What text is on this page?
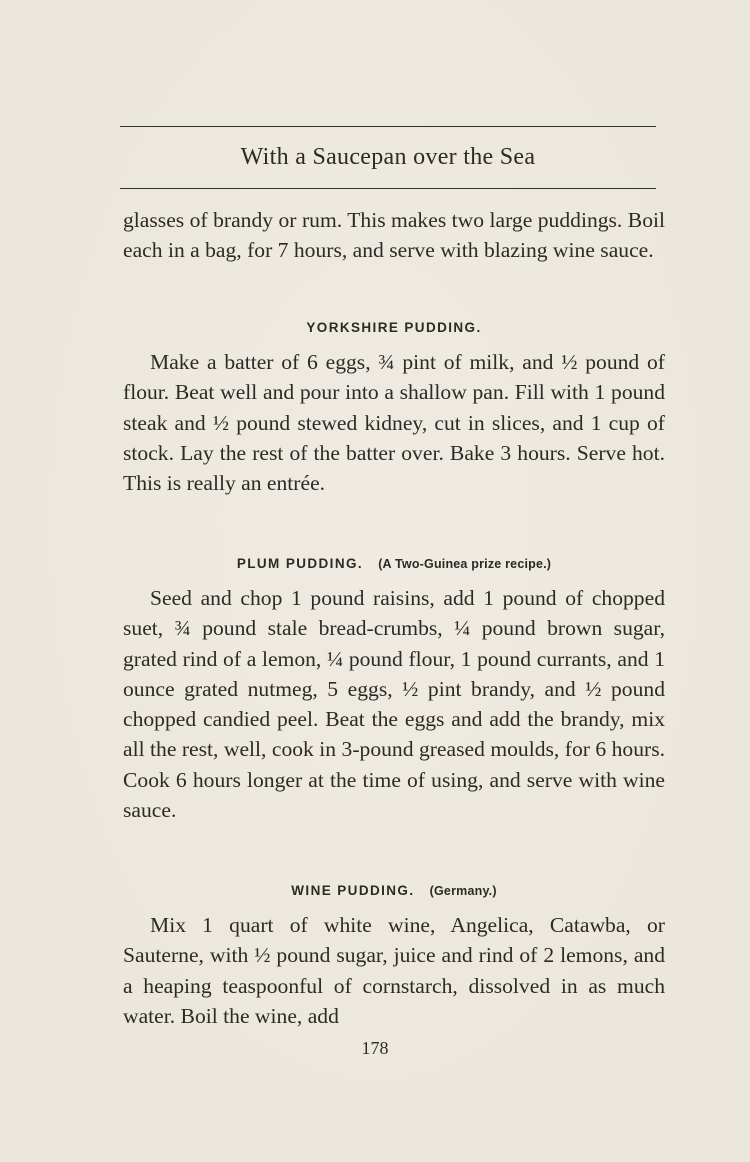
With a Saucepan over the Sea

glasses of brandy or rum. This makes two large puddings. Boil each in a bag, for 7 hours, and serve with blazing wine sauce.

YORKSHIRE PUDDING.

Make a batter of 6 eggs, ¾ pint of milk, and ½ pound of flour. Beat well and pour into a shallow pan. Fill with 1 pound steak and ½ pound stewed kidney, cut in slices, and 1 cup of stock. Lay the rest of the batter over. Bake 3 hours. Serve hot. This is really an entrée.

PLUM PUDDING. (A Two-Guinea prize recipe.)

Seed and chop 1 pound raisins, add 1 pound of chopped suet, ¾ pound stale bread-crumbs, ¼ pound brown sugar, grated rind of a lemon, ¼ pound flour, 1 pound currants, and 1 ounce grated nutmeg, 5 eggs, ½ pint brandy, and ½ pound chopped candied peel. Beat the eggs and add the brandy, mix all the rest, well, cook in 3-pound greased moulds, for 6 hours. Cook 6 hours longer at the time of using, and serve with wine sauce.

WINE PUDDING. (Germany.)

Mix 1 quart of white wine, Angelica, Catawba, or Sauterne, with ½ pound sugar, juice and rind of 2 lemons, and a heaping teaspoonful of cornstarch, dissolved in as much water. Boil the wine, add

178
